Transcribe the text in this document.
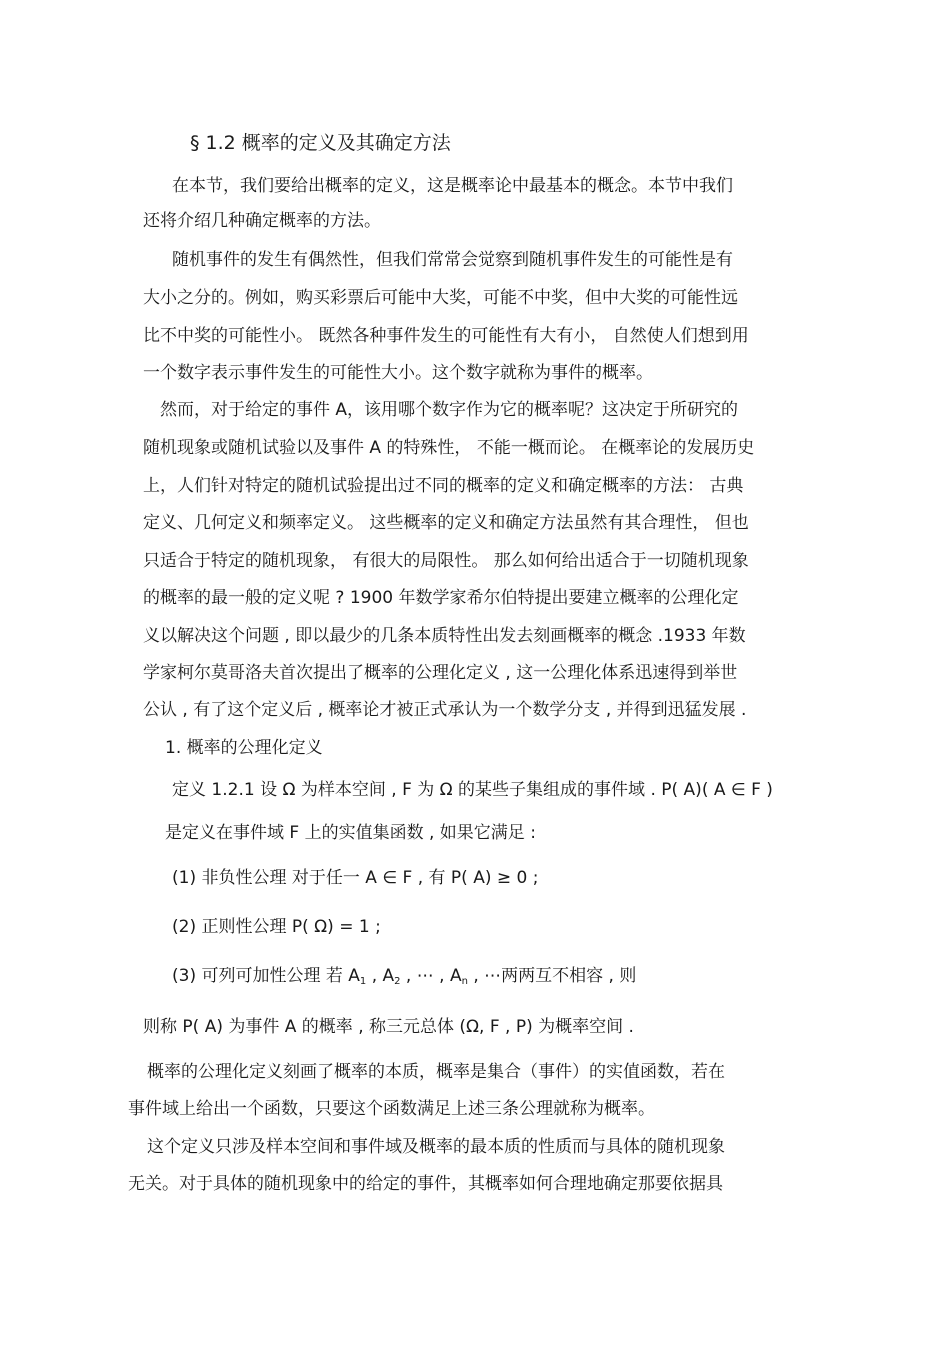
§ 1.2 概率的定义及其确定方法
在本节，我们要给出概率的定义，这是概率论中最基本的概念。本节中我们
还将介绍几种确定概率的方法。
随机事件的发生有偶然性，但我们常常会觉察到随机事件发生的可能性是有
大小之分的。例如，购买彩票后可能中大奖，可能不中奖，但中大奖的可能性远
比不中奖的可能性小。 既然各种事件发生的可能性有大有小， 自然使人们想到用
一个数字表示事件发生的可能性大小。这个数字就称为事件的概率。
然而，对于给定的事件 A，该用哪个数字作为它的概率呢？这决定于所研究的
随机现象或随机试验以及事件 A 的特殊性， 不能一概而论。 在概率论的发展历史
上，人们针对特定的随机试验提出过不同的概率的定义和确定概率的方法： 古典
定义、几何定义和频率定义。 这些概率的定义和确定方法虽然有其合理性， 但也
只适合于特定的随机现象， 有很大的局限性。 那么如何给出适合于一切随机现象
的概率的最一般的定义呢 ? 1900 年数学家希尔伯特提出要建立概率的公理化定
义以解决这个问题 , 即以最少的几条本质特性出发去刻画概率的概念 .1933 年数
学家柯尔莫哥洛夫首次提出了概率的公理化定义 , 这一公理化体系迅速得到举世
公认 , 有了这个定义后 , 概率论才被正式承认为一个数学分支 , 并得到迅猛发展 .
1. 概率的公理化定义
定义 1.2.1 设 Ω 为样本空间 , F 为 Ω 的某些子集组成的事件域 . P( A)( A ∈ F )
是定义在事件域 F 上的实值集函数 , 如果它满足 :
(1) 非负性公理 对于任一 A ∈ F , 有 P( A) ≥ 0 ;
(2) 正则性公理 P( Ω) = 1 ;
(3) 可列可加性公理 若 $A_1$ , $A_2$ , ⋯ , $A_n$ , ⋯两两互不相容 , 则
则称 P( A) 为事件 A 的概率 , 称三元总体 (Ω, F , P) 为概率空间 .
概率的公理化定义刻画了概率的本质，概率是集合（事件）的实值函数，若在
事件域上给出一个函数，只要这个函数满足上述三条公理就称为概率。
这个定义只涉及样本空间和事件域及概率的最本质的性质而与具体的随机现象
无关。对于具体的随机现象中的给定的事件，其概率如何合理地确定那要依据具
